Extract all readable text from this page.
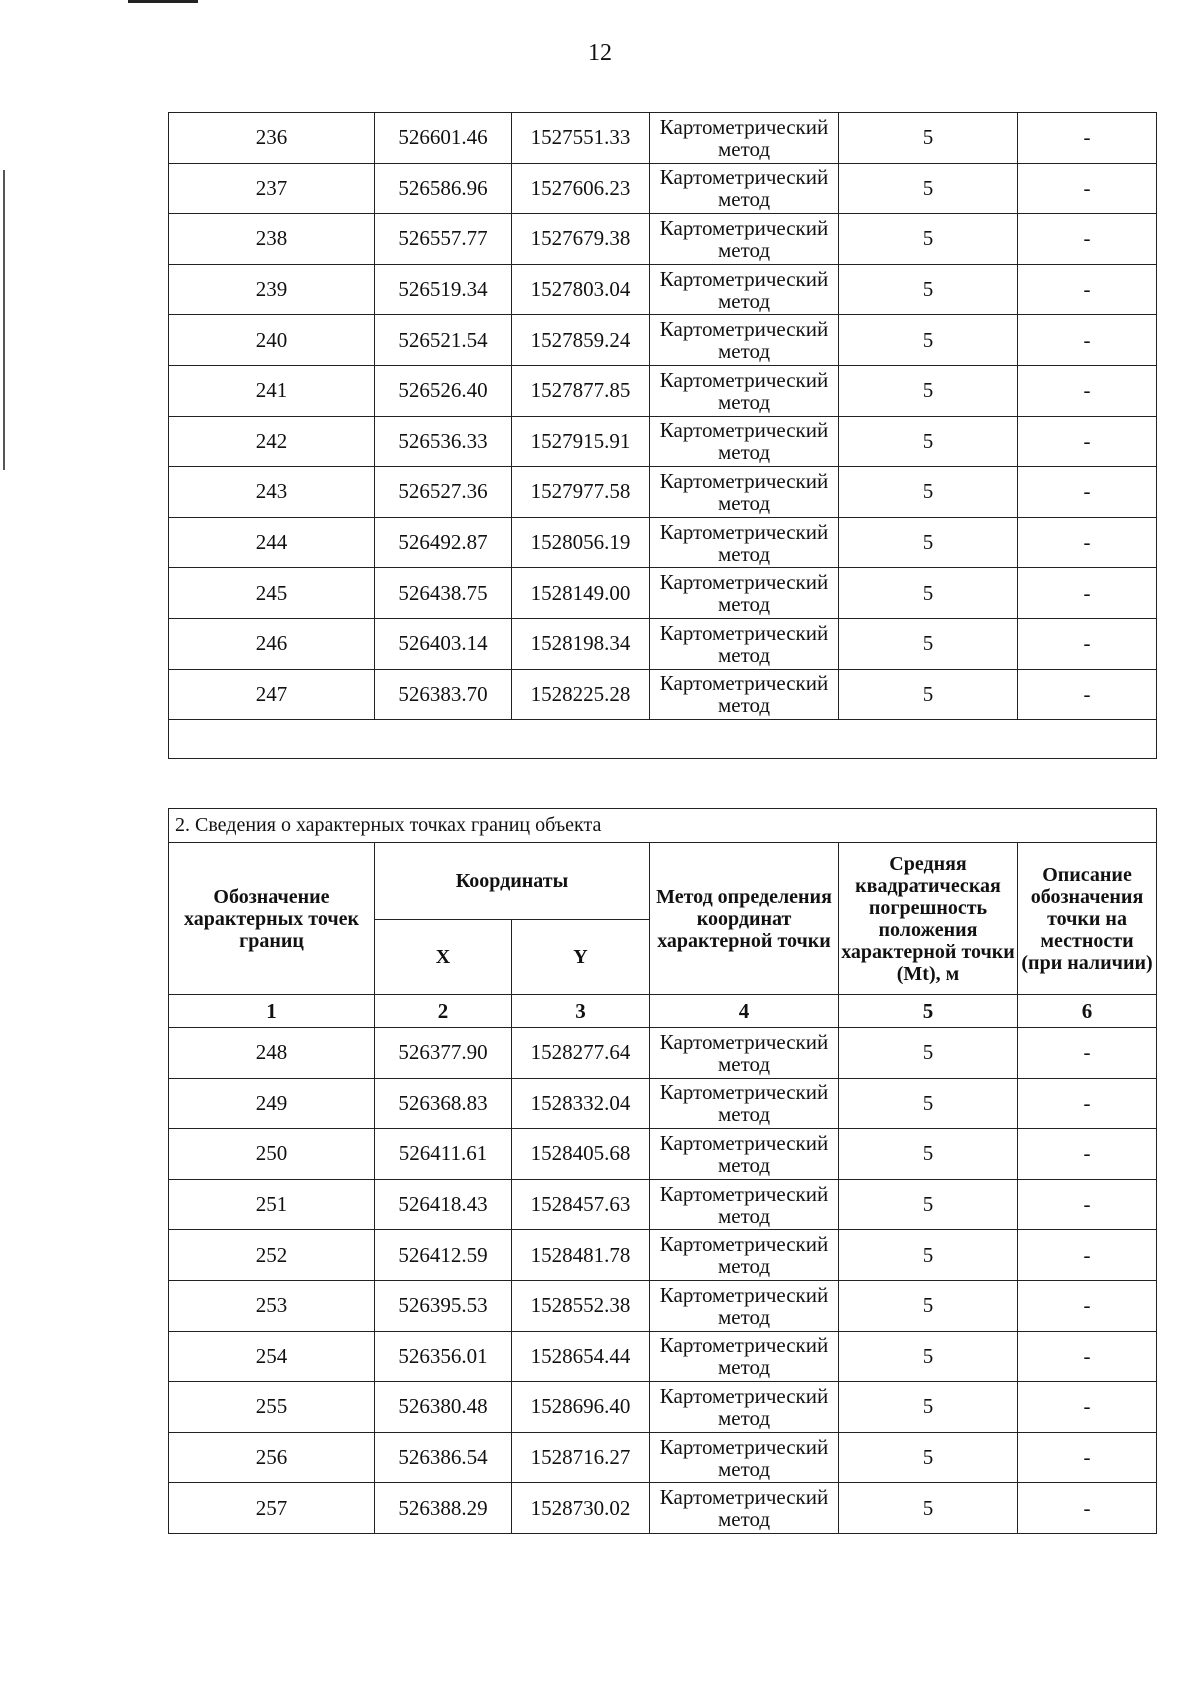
12
236	526601.46	1527551.33	Картометрический метод	5	-
237	526586.96	1527606.23	Картометрический метод	5	-
238	526557.77	1527679.38	Картометрический метод	5	-
239	526519.34	1527803.04	Картометрический метод	5	-
240	526521.54	1527859.24	Картометрический метод	5	-
241	526526.40	1527877.85	Картометрический метод	5	-
242	526536.33	1527915.91	Картометрический метод	5	-
243	526527.36	1527977.58	Картометрический метод	5	-
244	526492.87	1528056.19	Картометрический метод	5	-
245	526438.75	1528149.00	Картометрический метод	5	-
246	526403.14	1528198.34	Картометрический метод	5	-
247	526383.70	1528225.28	Картометрический метод	5	-

2. Сведения о характерных точках границ объекта					
Обозначение характерных точек границ	Координаты		Метод определения координат характерной точки	Средняя квадратическая погрешность положения характерной точки (Mt), м	Описание обозначения точки на местности (при наличии)
	X	Y			
1	2	3	4	5	6
248	526377.90	1528277.64	Картометрический метод	5	-
249	526368.83	1528332.04	Картометрический метод	5	-
250	526411.61	1528405.68	Картометрический метод	5	-
251	526418.43	1528457.63	Картометрический метод	5	-
252	526412.59	1528481.78	Картометрический метод	5	-
253	526395.53	1528552.38	Картометрический метод	5	-
254	526356.01	1528654.44	Картометрический метод	5	-
255	526380.48	1528696.40	Картометрический метод	5	-
256	526386.54	1528716.27	Картометрический метод	5	-
257	526388.29	1528730.02	Картометрический метод	5	-
